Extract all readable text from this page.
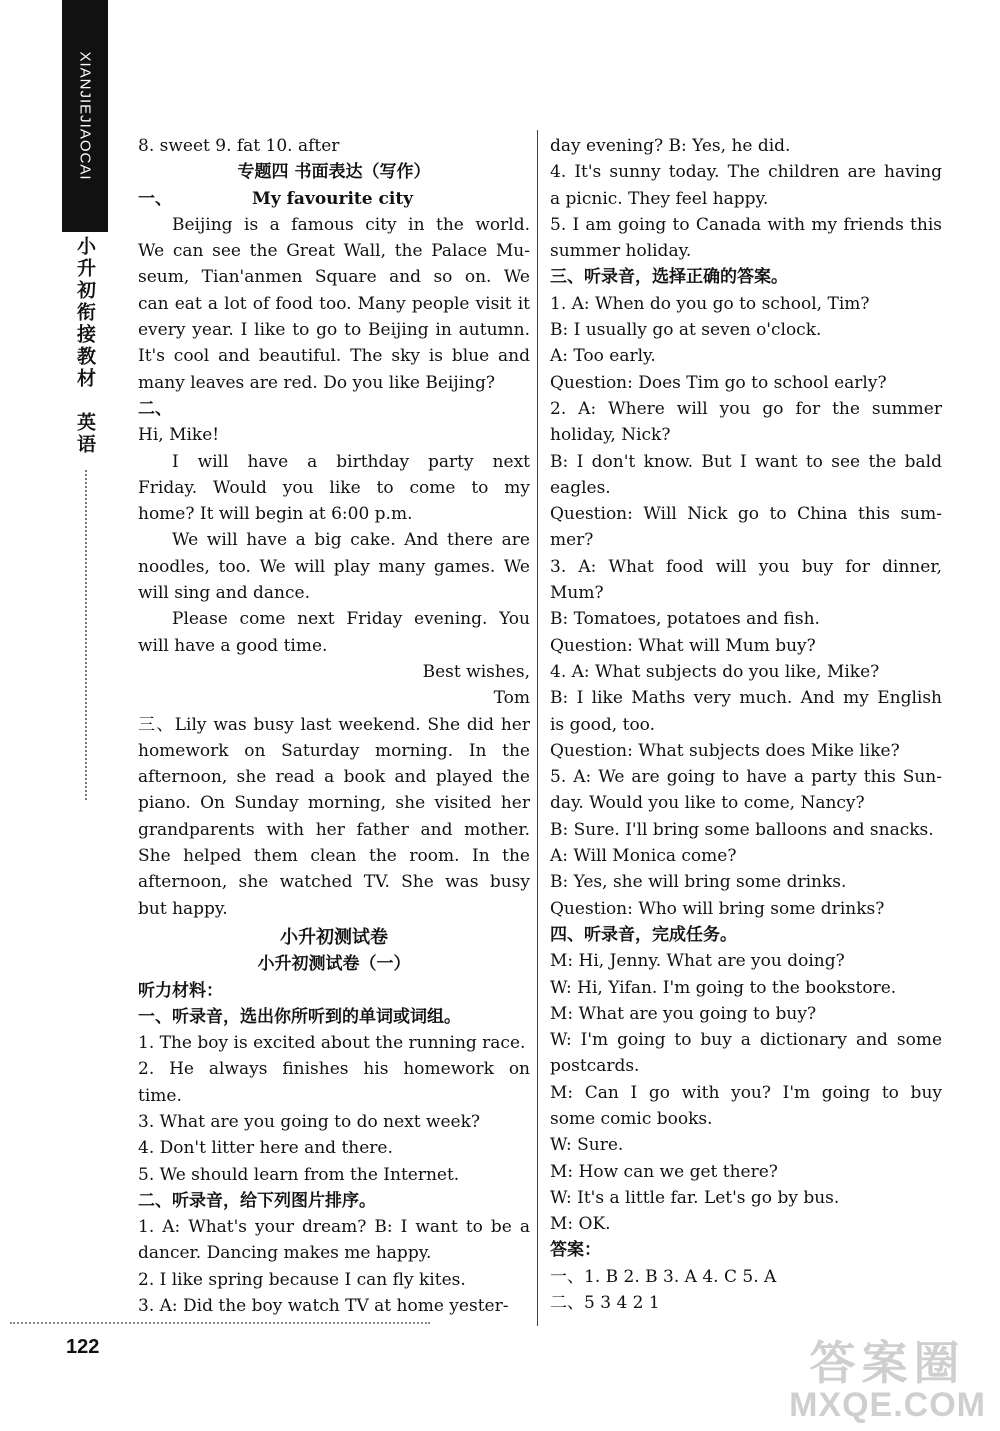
XIANJIEJIAOCAI
小升初衔接教材 英语

8. sweet 9. fat 10. after

专题四 书面表达（写作）

一、	My favourite city

Beijing is a famous city in the world.

We can see the Great Wall, the Palace Mu-

seum, Tian'anmen Square and so on. We

can eat a lot of food too. Many people visit it

every year. I like to go to Beijing in autumn.

It's cool and beautiful. The sky is blue and

many leaves are red. Do you like Beijing?

二、

Hi, Mike!

I will have a birthday party next

Friday. Would you like to come to my

home? It will begin at 6:00 p.m.

We will have a big cake. And there are

noodles, too. We will play many games. We

will sing and dance.

Please come next Friday evening. You

will have a good time.

Best wishes,

Tom

三、Lily was busy last weekend. She did her

homework on Saturday morning. In the

afternoon, she read a book and played the

piano. On Sunday morning, she visited her

grandparents with her father and mother.

She helped them clean the room. In the

afternoon, she watched TV. She was busy

but happy.

小升初测试卷

小升初测试卷（一）

听力材料：

一、听录音，选出你所听到的单词或词组。

1. The boy is excited about the running race.

2. He always finishes his homework on

time.

3. What are you going to do next week?

4. Don't litter here and there.

5. We should learn from the Internet.

二、听录音，给下列图片排序。

1. A: What's your dream? B: I want to be a

dancer. Dancing makes me happy.

2. I like spring because I can fly kites.

3. A: Did the boy watch TV at home yester-

day evening? B: Yes, he did.

4. It's sunny today. The children are having

a picnic. They feel happy.

5. I am going to Canada with my friends this

summer holiday.

三、听录音，选择正确的答案。

1. A: When do you go to school, Tim?

B: I usually go at seven o'clock.

A: Too early.

Question: Does Tim go to school early?

2. A: Where will you go for the summer

holiday, Nick?

B: I don't know. But I want to see the bald

eagles.

Question: Will Nick go to China this sum-

mer?

3. A: What food will you buy for dinner,

Mum?

B: Tomatoes, potatoes and fish.

Question: What will Mum buy?

4. A: What subjects do you like, Mike?

B: I like Maths very much. And my English

is good, too.

Question: What subjects does Mike like?

5. A: We are going to have a party this Sun-

day. Would you like to come, Nancy?

B: Sure. I'll bring some balloons and snacks.

A: Will Monica come?

B: Yes, she will bring some drinks.

Question: Who will bring some drinks?

四、听录音，完成任务。

M: Hi, Jenny. What are you doing?

W: Hi, Yifan. I'm going to the bookstore.

M: What are you going to buy?

W: I'm going to buy a dictionary and some

postcards.

M: Can I go with you? I'm going to buy

some comic books.

W: Sure.

M: How can we get there?

W: It's a little far. Let's go by bus.

M: OK.

答案：

一、1. B 2. B 3. A 4. C 5. A

二、5 3 4 2 1

122	答案圈
MXQE.COM
